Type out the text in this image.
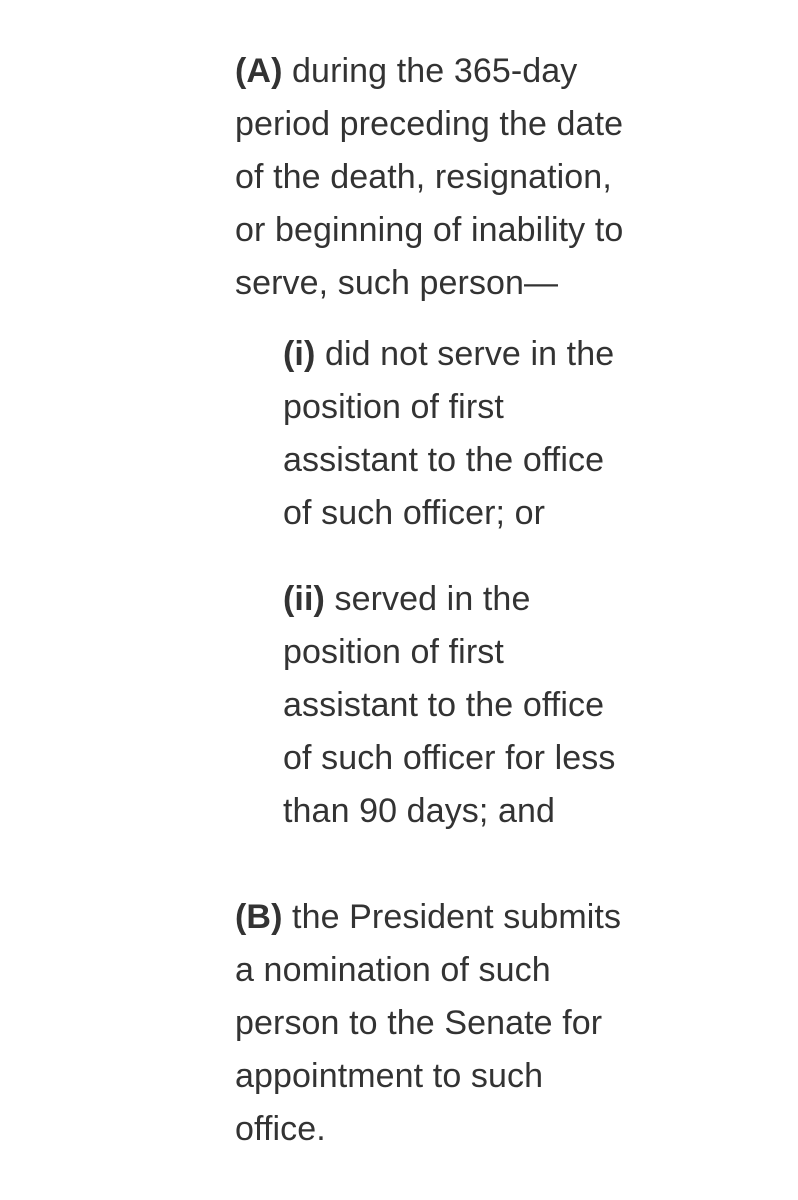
(A) during the 365-day
period preceding the date
of the death, resignation,
or beginning of inability to
serve, such person—
(i) did not serve in the
position of first
assistant to the office
of such officer; or
(ii) served in the
position of first
assistant to the office
of such officer for less
than 90 days; and
(B) the President submits
a nomination of such
person to the Senate for
appointment to such
office.
